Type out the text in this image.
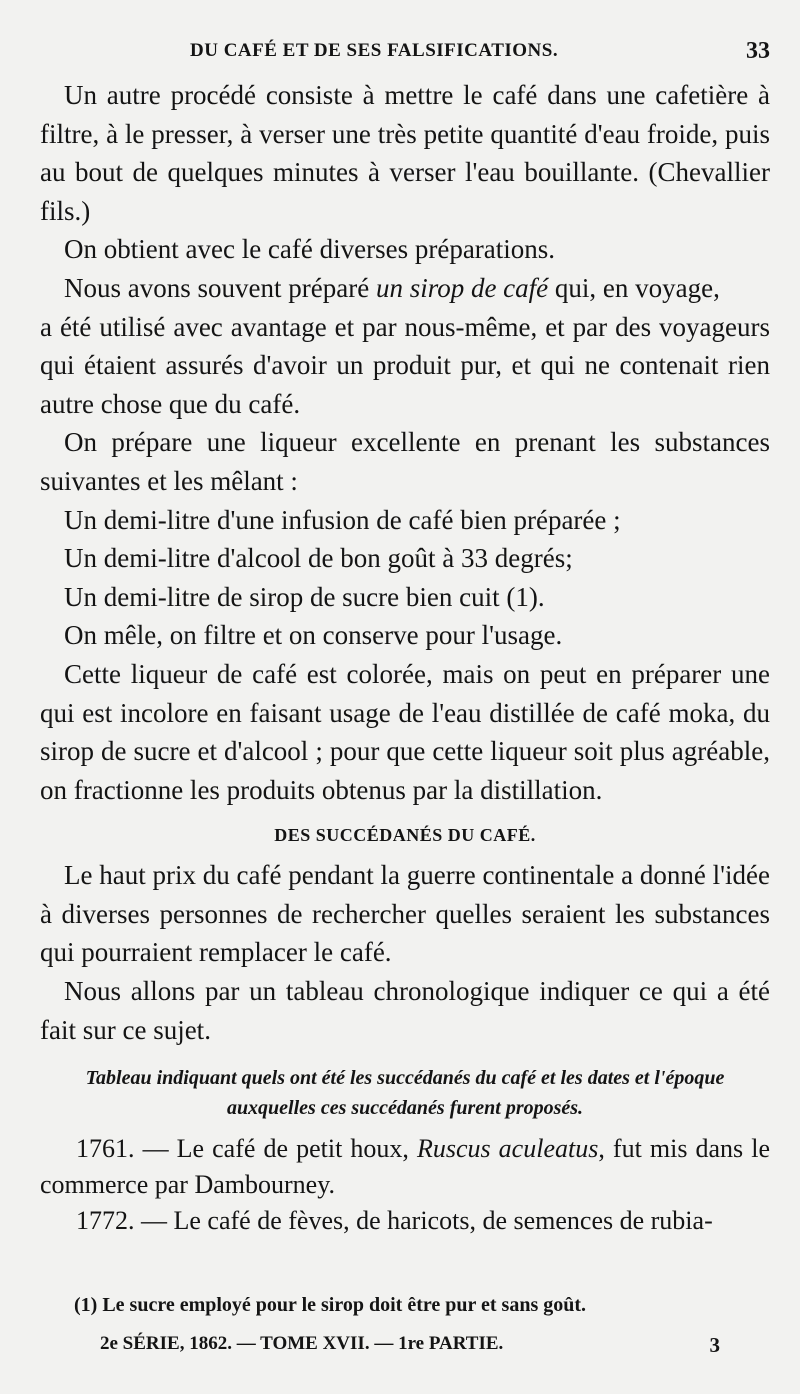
DU CAFÉ ET DE SES FALSIFICATIONS.	33

Un autre procédé consiste à mettre le café dans une cafetière à filtre, à le presser, à verser une très petite quantité d'eau froide, puis au bout de quelques minutes à verser l'eau bouillante. (Chevallier fils.)

On obtient avec le café diverses préparations.

Nous avons souvent préparé un sirop de café qui, en voyage,

a été utilisé avec avantage et par nous-même, et par des voyageurs qui étaient assurés d'avoir un produit pur, et qui ne contenait rien autre chose que du café.

On prépare une liqueur excellente en prenant les substances suivantes et les mêlant :

Un demi-litre d'une infusion de café bien préparée ;

Un demi-litre d'alcool de bon goût à 33 degrés;

Un demi-litre de sirop de sucre bien cuit (1).

On mêle, on filtre et on conserve pour l'usage.

Cette liqueur de café est colorée, mais on peut en préparer une qui est incolore en faisant usage de l'eau distillée de café moka, du sirop de sucre et d'alcool ; pour que cette liqueur soit plus agréable, on fractionne les produits obtenus par la distillation.

DES SUCCÉDANÉS DU CAFÉ.

Le haut prix du café pendant la guerre continentale a donné l'idée à diverses personnes de rechercher quelles seraient les substances qui pourraient remplacer le café.

Nous allons par un tableau chronologique indiquer ce qui a été fait sur ce sujet.

Tableau indiquant quels ont été les succédanés du café et les dates et l'époque auxquelles ces succédanés furent proposés.

1761. — Le café de petit houx, Ruscus aculeatus, fut mis dans le commerce par Dambourney.

1772. — Le café de fèves, de haricots, de semences de rubia-

(1) Le sucre employé pour le sirop doit être pur et sans goût.
2e SÉRIE, 1862. — TOME XVII. — 1re PARTIE.	3
